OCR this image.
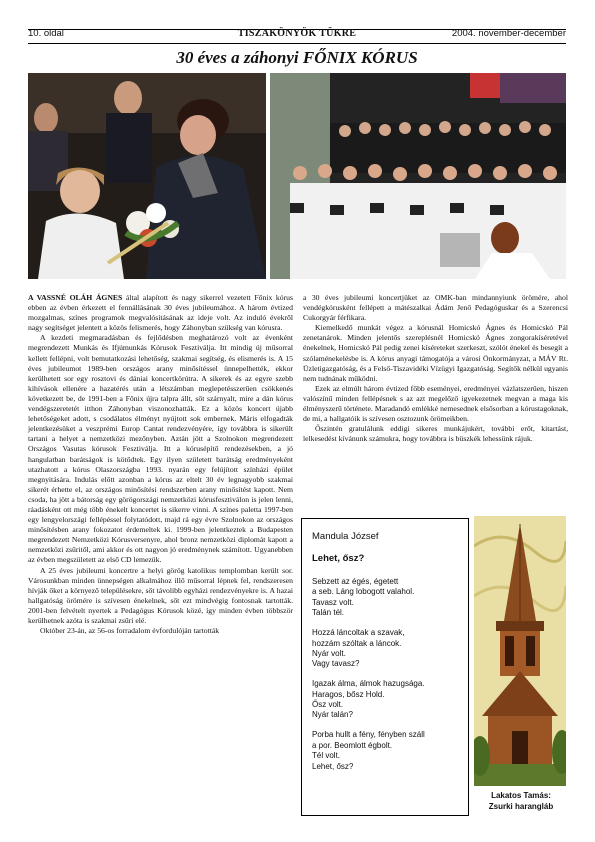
10. oldal	TISZAKÖNYÖK TÜKRE	2004. november-december
30 éves a záhonyi FŐNIX KÓRUS

A VASSNÉ OLÁH ÁGNES által alapított és nagy sikerrel vezetett Főnix kórus ebben az évben érkezett el fennállásának 30 éves jubileumához. A három évtized mozgalmas, színes programok megvalósításának az ideje volt. Az induló évekről nagy segítséget jelentett a közös felismerés, hogy Záhonyban szükség van kórusra.

A kezdeti megmaradásban és fejlődésben meghatározó volt az évenként megrendezett Munkás és Ifjúmunkás Kórusok Fesztiválja. Itt mindig új műsorral kellett fellépni, volt bemutatkozási lehetőség, szakmai segítség, és elismerés is. A 15 éves jubileumot 1989-ben országos arany minősítéssel ünnepelhették, ekkor kerülhetett sor egy rosztovi és dániai koncertkörútra. A sikerek és az egyre szebb kihívások ellenére a hazatérés után a létszámban meglepetésszerűen csökkenés következett be, de 1991-ben a Főnix újra talpra állt, sőt szárnyalt, mire a dán kórus vendégszeretetét itthon Záhonyban viszonozhatták. Ez a közös koncert újabb lehetőségeket adott, s csodálatos élményt nyújtott sok embernek. Máris elfogadták jelentkezésüket a veszprémi Europ Cantat rendezvényére, így továbbra is sikerült tartani a helyet a nemzetközi mezőnyben. Aztán jött a Szolnokon megrendezett Országos Vasutas kórusok Fesztiválja. Itt a kórusépítő rendezésekben, a jó hangulatban barátságok is kötődtek. Egy ilyen született barátság eredményeként utazhatott a kórus Olaszországba 1993. nyarán egy felújított színházi épület megnyitására. Indulás előtt azonban a kórus az eltelt 30 év legnagyobb szakmai sikerét érhette el, az országos minősítési rendszerben arany minősítést kapott. Nem csoda, ha jött a bátorság egy görögországi nemzetközi kórusfesztiválon is jelen lenni, ráadásként ott még több énekelt koncertet is sikerre vinni. A színes paletta 1997-ben egy lengyelországi fellépéssel folytatódott, majd rá egy évre Szolnokon az országos minősítésben arany fokozatot érdemeltek ki. 1999-ben jelentkeztek a Budapesten megrendezett Nemzetközi Kórusversenyre, ahol bronz nemzetközi diplomát kapott a nemzetközi zsűritől, ami akkor és ott nagyon jó eredménynek számított. Ugyanebben az évben megszületett az első CD lemezük.

A 25 éves jubileumi koncertre a helyi görög katolikus templomban került sor. Városunkban minden ünnepségen alkalmához illő műsorral lépnek fel, rendszeresen hívják őket a környező településekre, sőt távolibb egyházi rendezvényekre is. A hazai hallgatóság örömére is szívesen énekelnek, sőt ezt mindvégig fontosnak tartották. 2001-ben felvételt nyertek a Pedagógus Kórusok közé, így minden évben többször kerülhetnek azóta is szakmai zsűri elé.

Október 23-án, az 56-os forradalom évfordulóján tartották

a 30 éves jubileumi koncertjüket az OMK-ban mindannyiunk örömére, ahol vendégkórusként fellépett a mátészalkai Ádám Jenő Pedagóguskar és a Szerencsi Cukorgyár férfikara.

Kiemelkedő munkát végez a kórusnál Homicskó Ágnes és Homicskó Pál zenetanárok. Minden jelentős szereplésnél Homicskó Ágnes zongorakíséretével énekelnek, Homicskó Pál pedig zenei kíséreteket szerkeszt, szólót énekel és besegít a szólaménekelésbe is. A kórus anyagi támogatója a városi Önkormányzat, a MÁV Rt. Üzletigazgatóság, és a Felső-Tiszavidéki Vízügyi Igazgatóság. Segítők nélkül ugyanis nem tudnának működni.

Ezek az elmúlt három évtized főbb eseményei, eredményei vázlatszerűen, hiszen valószínű minden fellépésnek s az azt megelőző igyekezetnek megvan a maga kis élményszerű története. Maradandó emlékké nemesednek elsősorban a kórustagoknak, de mi, a hallgatóik is szívesen osztozunk örömeikben.

Őszintén gratulálunk eddigi sikeres munkájukért, további erőt, kitartást, lelkesedést kívánunk számukra, hogy továbbra is büszkék lehessünk rájuk.

Mandula József
Lehet, ősz?
Sebzett az égés, égetett
a seb. Láng lobogott valahol.
Tavasz volt.
Talán tél.
Hozzá láncoltak a szavak,
hozzám szóltak a láncok.
Nyár volt.
Vagy tavasz?
Igazak álma, álmok hazugsága.
Haragos, bősz Hold.
Ősz volt.
Nyár talán?
Porba hullt a fény, fényben száll
a por. Beomlott égbolt.
Tél volt.
Lehet, ősz?
Lakatos Tamás:
Zsurki harangláb
